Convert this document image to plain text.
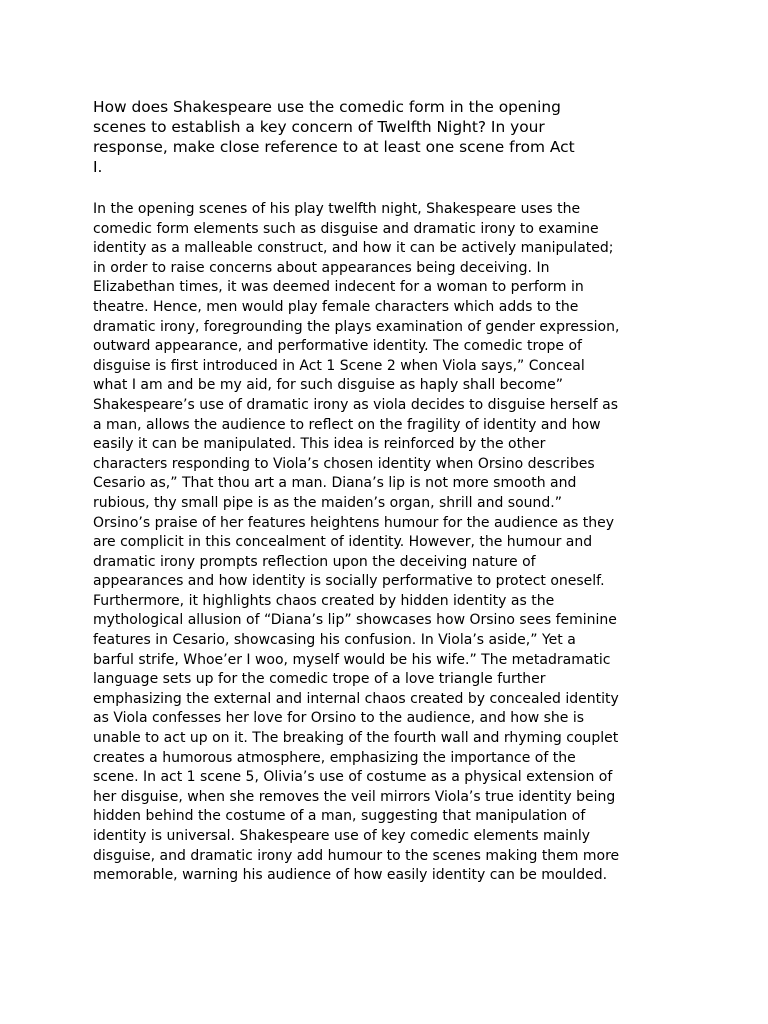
How does Shakespeare use the comedic form in the opening
scenes to establish a key concern of Twelfth Night? In your
response, make close reference to at least one scene from Act
I.

In the opening scenes of his play twelfth night, Shakespeare uses the
comedic form elements such as disguise and dramatic irony to examine
identity as a malleable construct, and how it can be actively manipulated;
in order to raise concerns about appearances being deceiving. In
Elizabethan times, it was deemed indecent for a woman to perform in
theatre. Hence, men would play female characters which adds to the
dramatic irony, foregrounding the plays examination of gender expression,
outward appearance, and performative identity. The comedic trope of
disguise is first introduced in Act 1 Scene 2 when Viola says,” Conceal
what I am and be my aid, for such disguise as haply shall become”
Shakespeare’s use of dramatic irony as viola decides to disguise herself as
a man, allows the audience to reflect on the fragility of identity and how
easily it can be manipulated. This idea is reinforced by the other
characters responding to Viola’s chosen identity when Orsino describes
Cesario as,” That thou art a man. Diana’s lip is not more smooth and
rubious, thy small pipe is as the maiden’s organ, shrill and sound.”
Orsino’s praise of her features heightens humour for the audience as they
are complicit in this concealment of identity. However, the humour and
dramatic irony prompts reflection upon the deceiving nature of
appearances and how identity is socially performative to protect oneself.
Furthermore, it highlights chaos created by hidden identity as the
mythological allusion of “Diana’s lip” showcases how Orsino sees feminine
features in Cesario, showcasing his confusion. In Viola’s aside,” Yet a
barful strife, Whoe’er I woo, myself would be his wife.” The metadramatic
language sets up for the comedic trope of a love triangle further
emphasizing the external and internal chaos created by concealed identity
as Viola confesses her love for Orsino to the audience, and how she is
unable to act up on it. The breaking of the fourth wall and rhyming couplet
creates a humorous atmosphere, emphasizing the importance of the
scene. In act 1 scene 5, Olivia’s use of costume as a physical extension of
her disguise, when she removes the veil mirrors Viola’s true identity being
hidden behind the costume of a man, suggesting that manipulation of
identity is universal. Shakespeare use of key comedic elements mainly
disguise, and dramatic irony add humour to the scenes making them more
memorable, warning his audience of how easily identity can be moulded.
